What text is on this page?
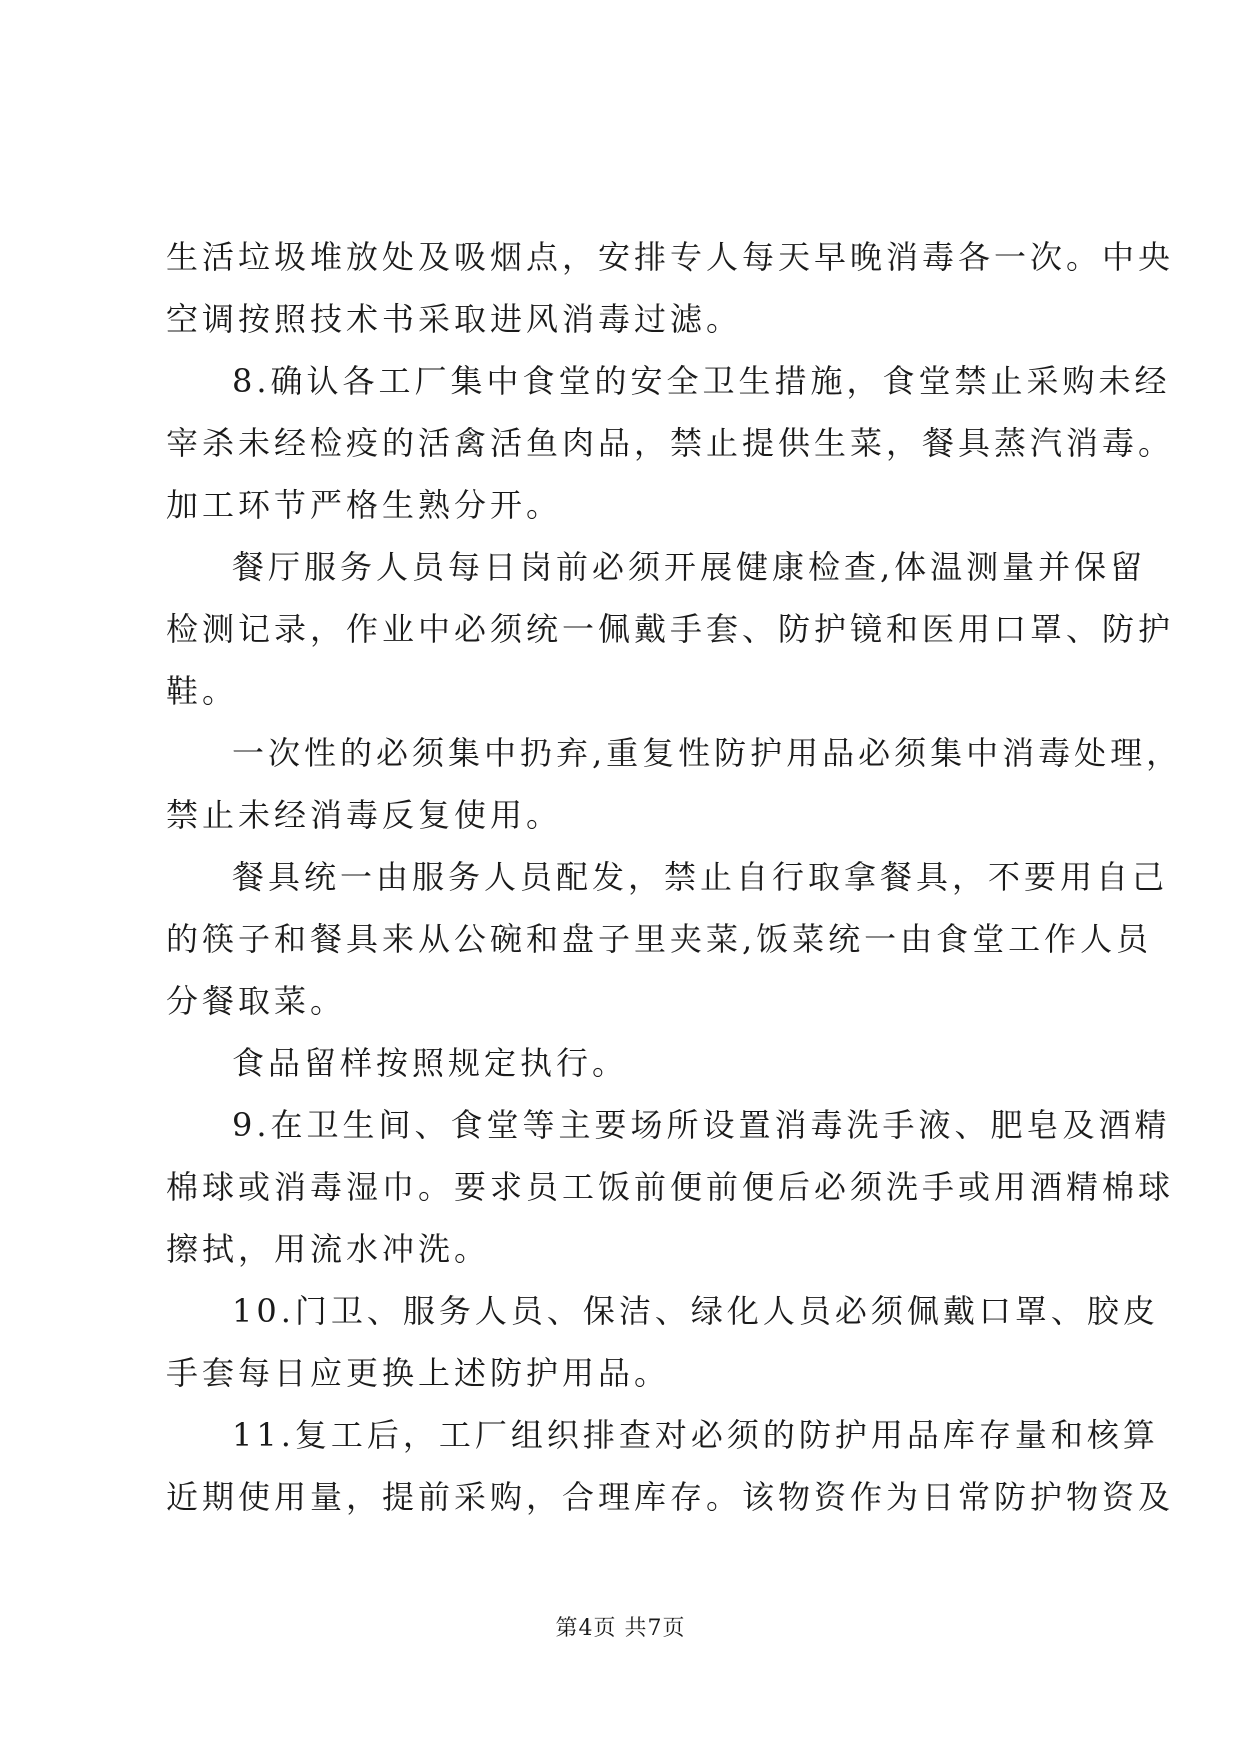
生活垃圾堆放处及吸烟点，安排专人每天早晚消毒各一次。中央
空调按照技术书采取进风消毒过滤。

8.确认各工厂集中食堂的安全卫生措施，食堂禁止采购未经
宰杀未经检疫的活禽活鱼肉品，禁止提供生菜，餐具蒸汽消毒。
加工环节严格生熟分开。

餐厅服务人员每日岗前必须开展健康检查,体温测量并保留
检测记录，作业中必须统一佩戴手套、防护镜和医用口罩、防护
鞋。

一次性的必须集中扔弃,重复性防护用品必须集中消毒处理，
禁止未经消毒反复使用。

餐具统一由服务人员配发，禁止自行取拿餐具，不要用自己
的筷子和餐具来从公碗和盘子里夹菜,饭菜统一由食堂工作人员
分餐取菜。

食品留样按照规定执行。

9.在卫生间、食堂等主要场所设置消毒洗手液、肥皂及酒精
棉球或消毒湿巾。要求员工饭前便前便后必须洗手或用酒精棉球
擦拭，用流水冲洗。

10.门卫、服务人员、保洁、绿化人员必须佩戴口罩、胶皮
手套每日应更换上述防护用品。

11.复工后，工厂组织排查对必须的防护用品库存量和核算
近期使用量，提前采购，合理库存。该物资作为日常防护物资及

第4页 共7页
